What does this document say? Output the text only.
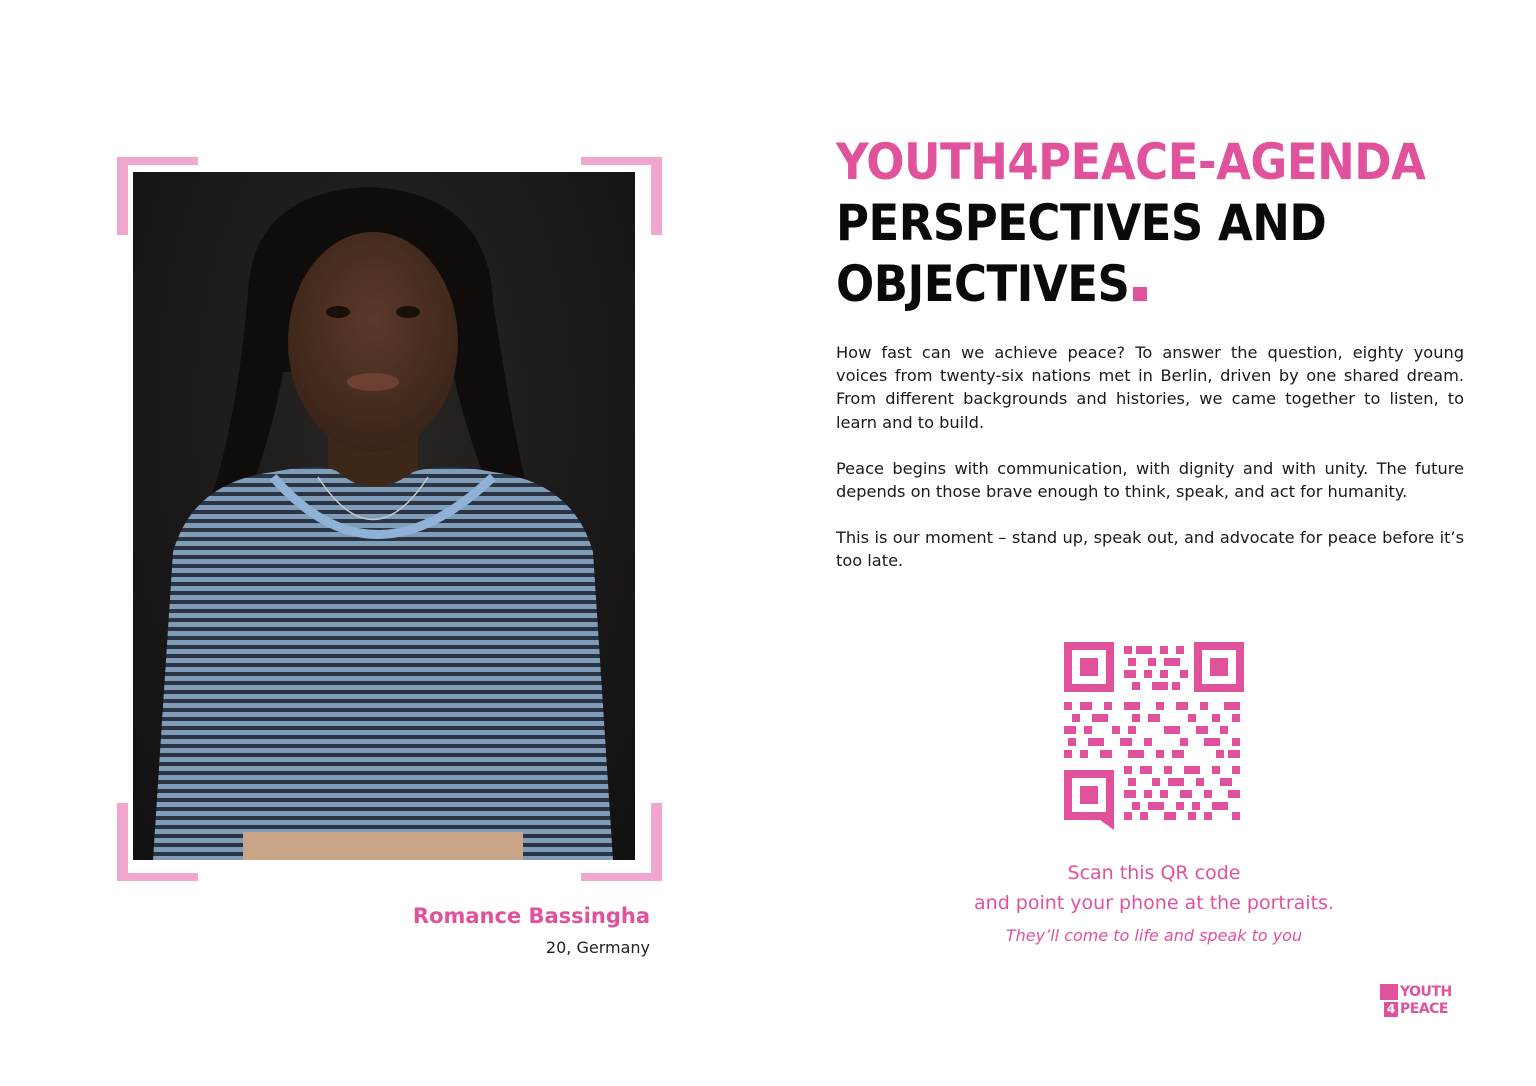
Romance Bassingha
20, Germany
YOUTH4PEACE-AGENDA
PERSPECTIVES AND
OBJECTIVES

How fast can we achieve peace? To answer the question, eighty young voices from twenty-six nations met in Berlin, driven by one shared dream. From different backgrounds and histories, we came together to listen, to learn and to build.

Peace begins with communication, with dignity and with unity. The future depends on those brave enough to think, speak, and act for humanity.

This is our moment – stand up, speak out, and advocate for peace before it’s too late.

Scan this QR code
and point your phone at the portraits.
They’ll come to life and speak to you
YOUTH
4 PEACE
